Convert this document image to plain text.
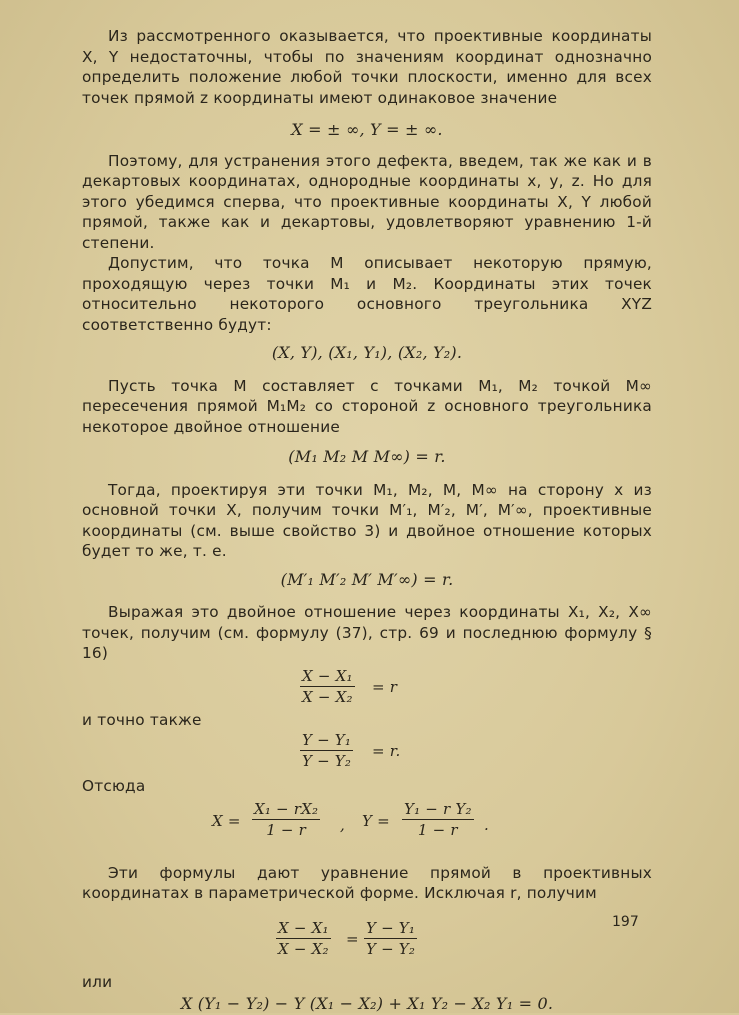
Из рассмотренного оказывается, что проективные координаты X, Y недостаточны, чтобы по значениям координат однозначно определить положение любой точки плоскости, именно для всех точек прямой z координаты имеют одинаковое значение

X = ± ∞, Y = ± ∞.

Поэтому, для устранения этого дефекта, введем, так же как и в декартовых координатах, однородные координаты x, y, z. Но для этого убедимся сперва, что проективные координаты X, Y любой прямой, также как и декартовы, удовлетворяют уравнению 1-й степени.

Допустим, что точка M описывает некоторую прямую, проходящую через точки M₁ и M₂. Координаты этих точек относительно некоторого основного треугольника XYZ соответственно будут:

(X, Y), (X₁, Y₁), (X₂, Y₂).

Пусть точка M составляет с точками M₁, M₂ точкой M∞ пересечения прямой M₁M₂ со стороной z основного треугольника некоторое двойное отношение

(M₁ M₂ M M∞) = r.

Тогда, проектируя эти точки M₁, M₂, M, M∞ на сторону x из основной точки X, получим точки M′₁, M′₂, M′, M′∞, проективные координаты (см. выше свойство 3) и двойное отношение которых будет то же, т. е.

(M′₁ M′₂ M′ M′∞) = r.

Выражая это двойное отношение через координаты X₁, X₂, X∞ точек, получим (см. формулу (37), стр. 69 и последнюю формулу § 16)

$\frac{\text{X − X₁}}{\text{X − X₂}} = r$

и точно также

$\frac{\text{Y − Y₁}}{\text{Y − Y₂}} = r$.

Отсюда

$X = \frac{\text{X₁ − rX₂}}{1 - r}$ , $Y = \frac{\text{Y₁ − r Y₂}}{1 - r}$ .

Эти формулы дают уравнение прямой в проективных координатах в параметрической форме. Исключая r, получим

$\frac{\text{X − X₁}}{\text{X − X₂}} = \frac{\text{Y − Y₁}}{\text{Y − Y₂}}$

или

X (Y₁ − Y₂) − Y (X₁ − X₂) + X₁ Y₂ − X₂ Y₁ = 0.
197
